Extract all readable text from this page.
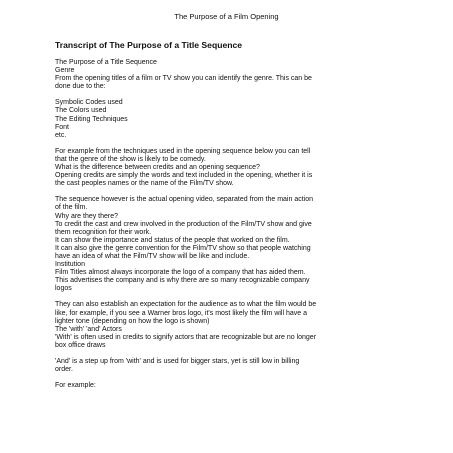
The Purpose of a Film Opening
Transcript of The Purpose of a Title Sequence
The Purpose of a Title Sequence
Genre
From the opening titles of a film or TV show you can identify the genre. This can be
done due to the:
Symbolic Codes used
The Colors used
The Editing Techniques
Font
etc.
For example from the techniques used in the opening sequence below you can tell
that the genre of the show is likely to be comedy.
What is the difference between credits and an opening sequence?
Opening credits are simply the words and text included in the opening, whether it is
the cast peoples names or the name of the Film/TV show.
The sequence however is the actual opening video, separated from the main action
of the film.
Why are they there?
To credit the cast and crew involved in the production of the Film/TV show and give
them recognition for their work.
It can show the importance and status of the people that worked on the film.
It can also give the genre convention for the Film/TV show so that people watching
have an idea of what the Film/TV show will be like and include.
Institution
Film Titles almost always incorporate the logo of a company that has aided them.
This advertises the company and is why there are so many recognizable company
logos
They can also establish an expectation for the audience as to what the film would be
like, for example, if you see a Warner bros logo, it's most likely the film will have a
lighter tone (depending on how the logo is shown)
The 'with' 'and' Actors
'With' is often used in credits to signify actors that are recognizable but are no longer
box office draws
'And' is a step up from 'with' and is used for bigger stars, yet is still low in billing
order.
For example:
